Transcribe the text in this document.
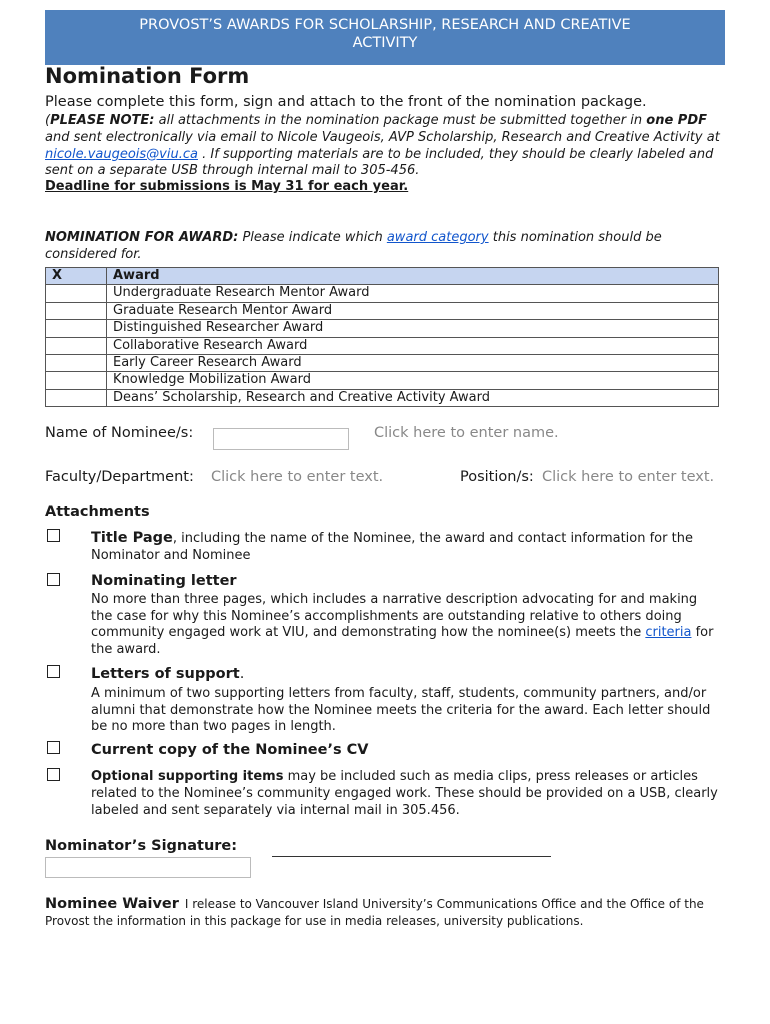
PROVOST’S AWARDS FOR SCHOLARSHIP, RESEARCH AND CREATIVE
ACTIVITY
Nomination Form
Please complete this form, sign and attach to the front of the nomination package.
(PLEASE NOTE: all attachments in the nomination package must be submitted together in one PDF and sent electronically via email to Nicole Vaugeois, AVP Scholarship, Research and Creative Activity at nicole.vaugeois@viu.ca . If supporting materials are to be included, they should be clearly labeled and sent on a separate USB through internal mail to 305-456.
Deadline for submissions is May 31 for each year.
NOMINATION FOR AWARD: Please indicate which award category this nomination should be considered for.
X	Award
	Undergraduate Research Mentor Award
	Graduate Research Mentor Award
	Distinguished Researcher Award
	Collaborative Research Award
	Early Career Research Award
	Knowledge Mobilization Award
	Deans’ Scholarship, Research and Creative Activity Award
Name of Nominee/s:	Click here to enter name.
Faculty/Department: Click here to enter text.	Position/s: Click here to enter text.
Attachments
Title Page, including the name of the Nominee, the award and contact information for the Nominator and Nominee
Nominating letter
No more than three pages, which includes a narrative description advocating for and making the case for why this Nominee’s accomplishments are outstanding relative to others doing community engaged work at VIU, and demonstrating how the nominee(s) meets the criteria for the award.
Letters of support.
A minimum of two supporting letters from faculty, staff, students, community partners, and/or alumni that demonstrate how the Nominee meets the criteria for the award. Each letter should be no more than two pages in length.
Current copy of the Nominee’s CV
Optional supporting items may be included such as media clips, press releases or articles related to the Nominee’s community engaged work. These should be provided on a USB, clearly labeled and sent separately via internal mail in 305.456.
Nominator’s Signature:
Nominee Waiver I release to Vancouver Island University’s Communications Office and the Office of the Provost the information in this package for use in media releases, university publications.
